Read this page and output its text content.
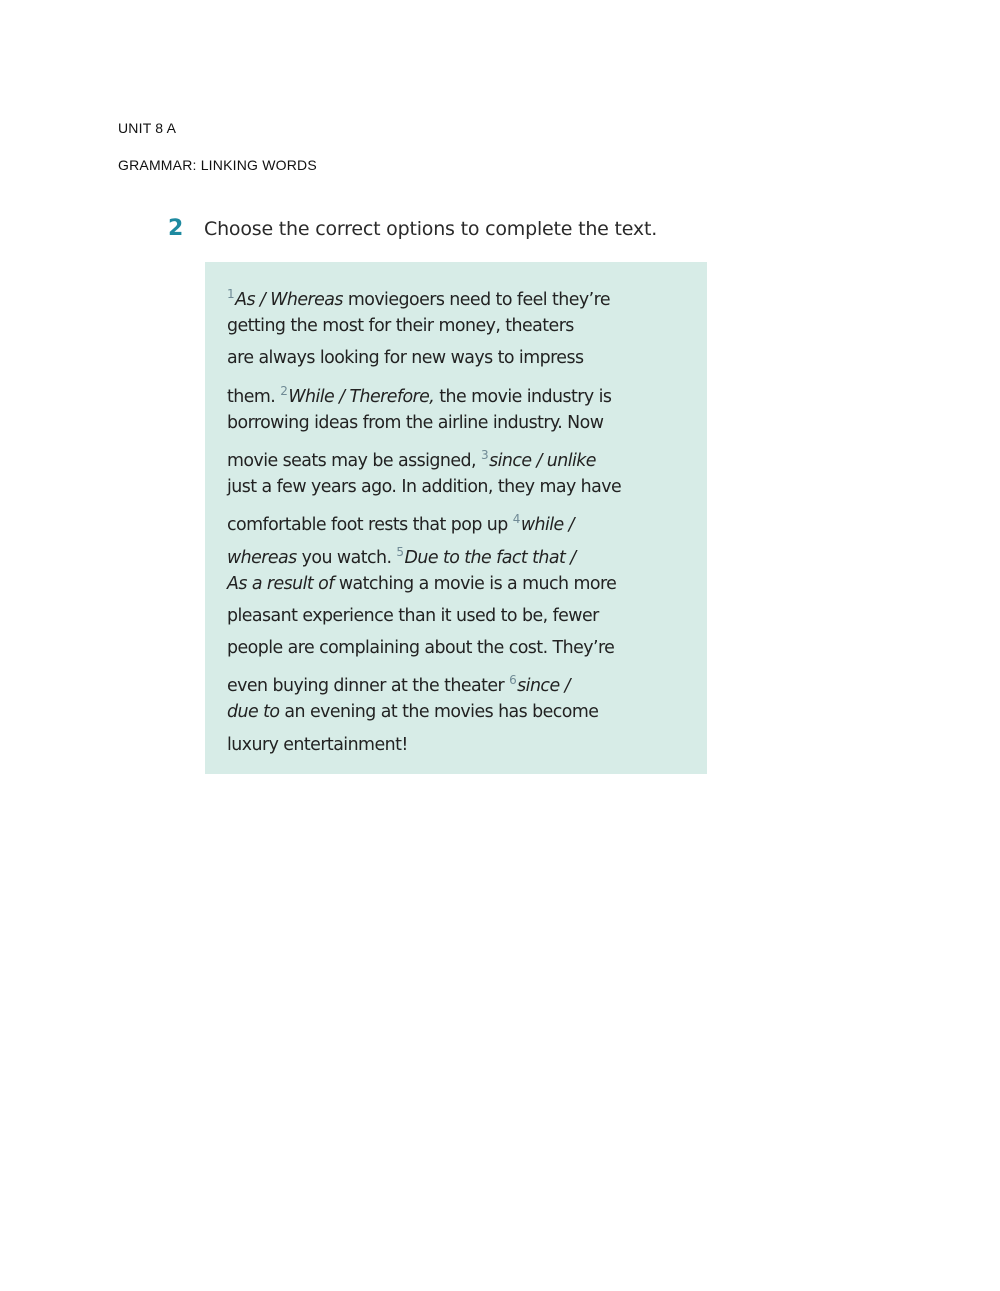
UNIT 8 A
GRAMMAR: LINKING WORDS
2	Choose the correct options to complete the text.
$^1$As / Whereas moviegoers need to feel they’re
getting the most for their money, theaters
are always looking for new ways to impress
them. $^2$While / Therefore, the movie industry is
borrowing ideas from the airline industry. Now
movie seats may be assigned, $^3$since / unlike
just a few years ago. In addition, they may have
comfortable foot rests that pop up $^4$while /
whereas you watch. $^5$Due to the fact that /
As a result of watching a movie is a much more
pleasant experience than it used to be, fewer
people are complaining about the cost. They’re
even buying dinner at the theater $^6$since /
due to an evening at the movies has become
luxury entertainment!
